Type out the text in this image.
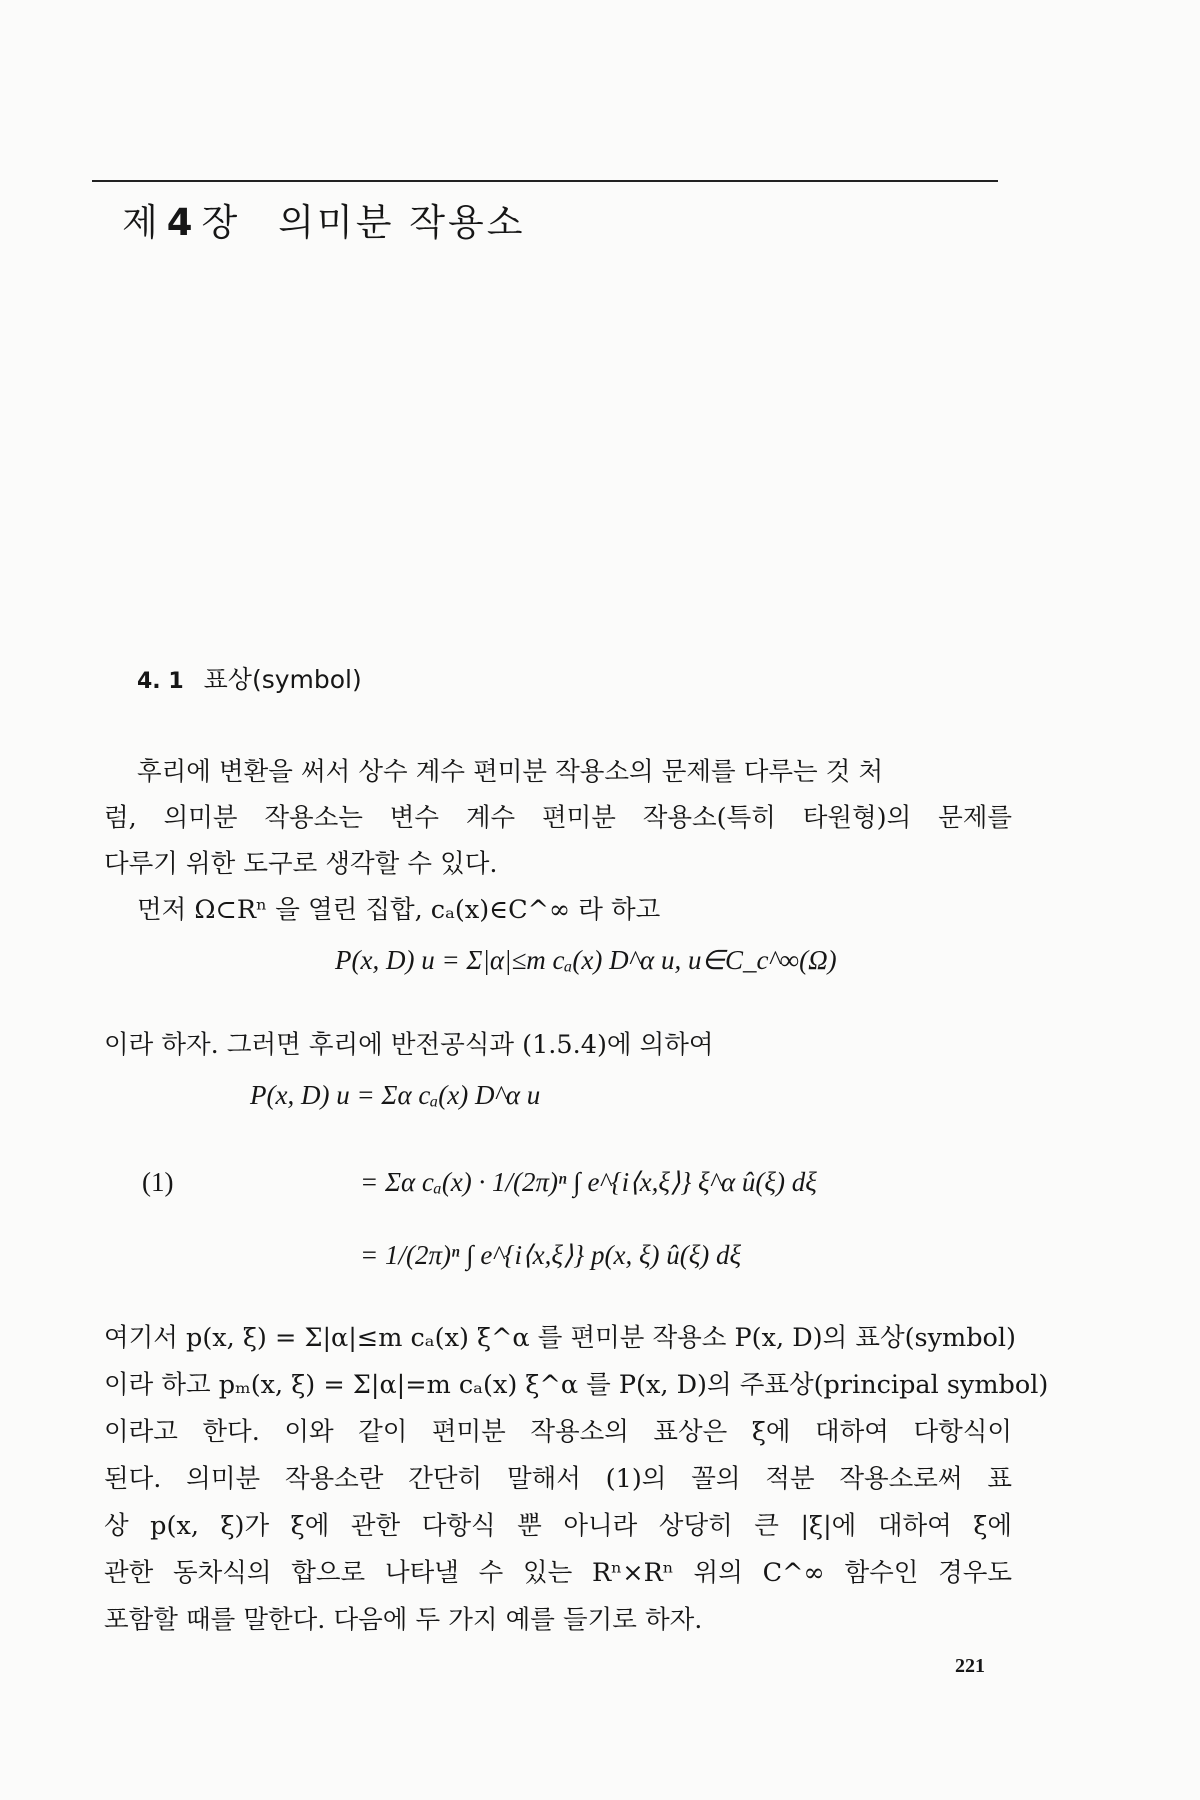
제 4 장 의미분 작용소
4. 1 표상(symbol)
후리에 변환을 써서 상수 계수 편미분 작용소의 문제를 다루는 것 처
럼, 의미분 작용소는 변수 계수 편미분 작용소(특히 타원형)의 문제를
다루기 위한 도구로 생각할 수 있다.
먼저 Ω⊂Rⁿ 을 열린 집합, cₐ(x)∈C^∞ 라 하고
P(x, D) u = Σ|α|≤m cₐ(x) D^α u, u∈C_c^∞(Ω)
이라 하자. 그러면 후리에 반전공식과 (1.5.4)에 의하여
P(x, D) u = Σα cₐ(x) D^α u
(1)	= Σα cₐ(x) · 1/(2π)ⁿ ∫ e^{i⟨x,ξ⟩} ξ^α û(ξ) dξ
= 1/(2π)ⁿ ∫ e^{i⟨x,ξ⟩} p(x, ξ) û(ξ) dξ
여기서 p(x, ξ) = Σ|α|≤m cₐ(x) ξ^α 를 편미분 작용소 P(x, D)의 표상(symbol)
이라 하고 pₘ(x, ξ) = Σ|α|=m cₐ(x) ξ^α 를 P(x, D)의 주표상(principal symbol)
이라고 한다. 이와 같이 편미분 작용소의 표상은 ξ에 대하여 다항식이
된다. 의미분 작용소란 간단히 말해서 (1)의 꼴의 적분 작용소로써 표
상 p(x, ξ)가 ξ에 관한 다항식 뿐 아니라 상당히 큰 |ξ|에 대하여 ξ에
관한 동차식의 합으로 나타낼 수 있는 Rⁿ×Rⁿ 위의 C^∞ 함수인 경우도
포함할 때를 말한다. 다음에 두 가지 예를 들기로 하자.
221
